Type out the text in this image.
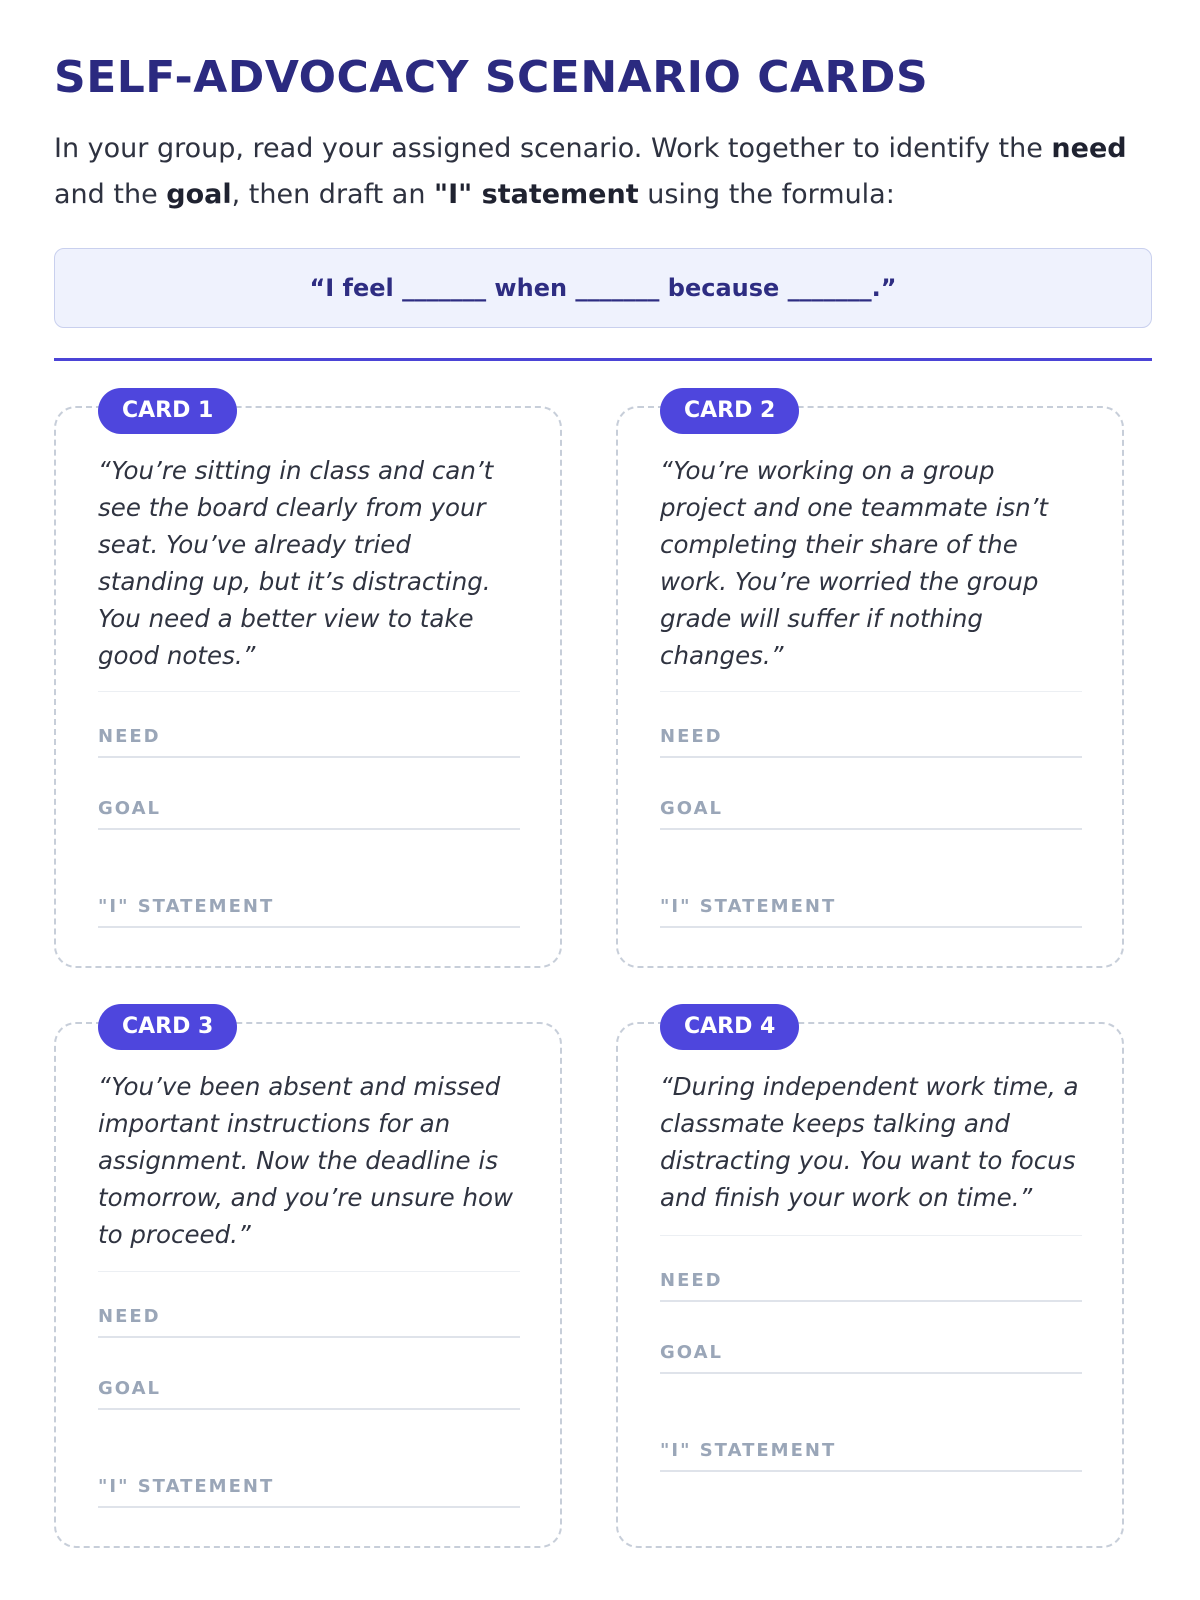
SELF-ADVOCACY SCENARIO CARDS
In your group, read your assigned scenario. Work together to identify the need and the goal, then draft an "I" statement using the formula:
“I feel _______ when _______ because _______.”
CARD 1
“You’re sitting in class and can’t see the board clearly from your seat. You’ve already tried standing up, but it’s distracting. You need a better view to take good notes.”
NEED
GOAL
"I" STATEMENT
CARD 2
“You’re working on a group project and one teammate isn’t completing their share of the work. You’re worried the group grade will suffer if nothing changes.”
NEED
GOAL
"I" STATEMENT
CARD 3
“You’ve been absent and missed important instructions for an assignment. Now the deadline is tomorrow, and you’re unsure how to proceed.”
NEED
GOAL
"I" STATEMENT
CARD 4
“During independent work time, a classmate keeps talking and distracting you. You want to focus and finish your work on time.”
NEED
GOAL
"I" STATEMENT
